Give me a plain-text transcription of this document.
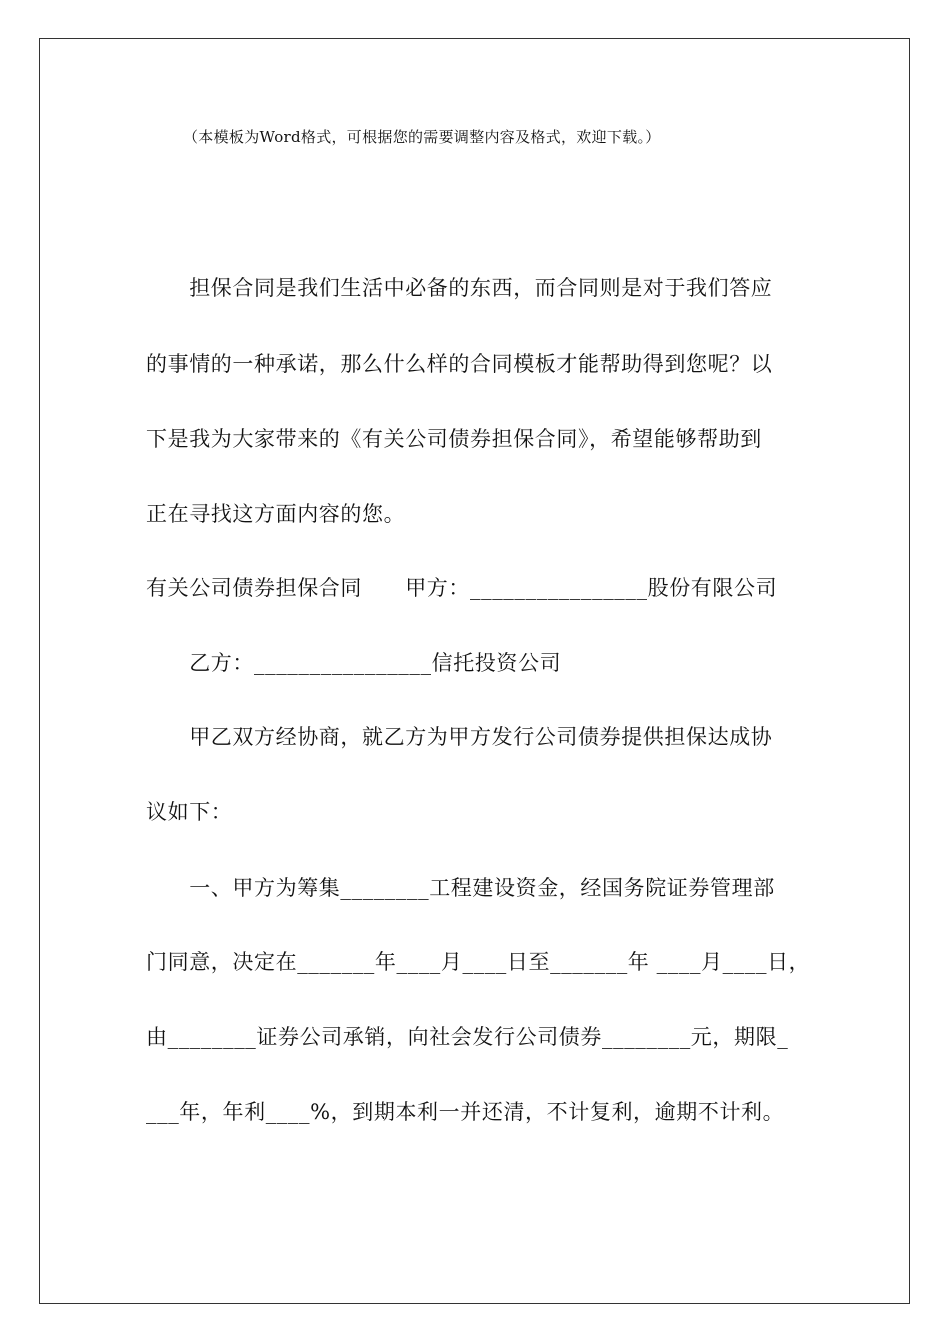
（本模板为Word格式，可根据您的需要调整内容及格式，欢迎下载。）
　　担保合同是我们生活中必备的东西，而合同则是对于我们答应
的事情的一种承诺，那么什么样的合同模板才能帮助得到您呢？以
下是我为大家带来的《有关公司债券担保合同》，希望能够帮助到
正在寻找这方面内容的您。
有关公司债券担保合同　　甲方：________________股份有限公司
　　乙方：________________信托投资公司
　　甲乙双方经协商，就乙方为甲方发行公司债券提供担保达成协
议如下：
　　一、甲方为筹集________工程建设资金，经国务院证券管理部
门同意，决定在_______年____月____日至_______年 ____月____日，
由________证券公司承销，向社会发行公司债券________元，期限_
___年，年利____%，到期本利一并还清，不计复利，逾期不计利。
